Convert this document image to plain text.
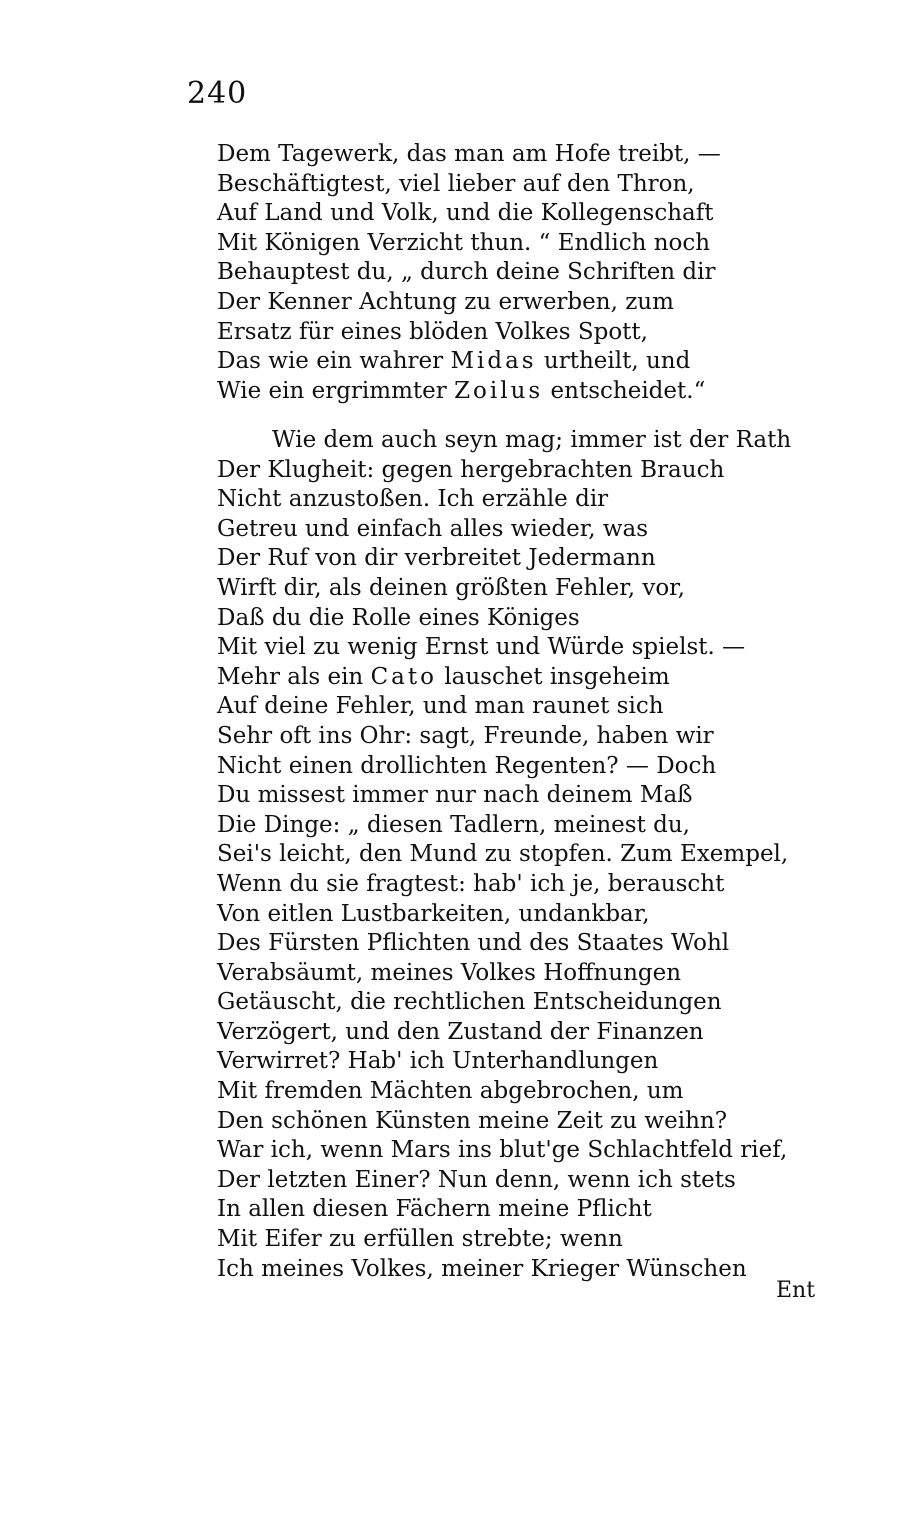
240
Dem Tagewerk, das man am Hofe treibt, —
Beschäftigtest, viel lieber auf den Thron,
Auf Land und Volk, und die Kollegenschaft
Mit Königen Verzicht thun. “ Endlich noch
Behauptest du, „ durch deine Schriften dir
Der Kenner Achtung zu erwerben, zum
Ersatz für eines blöden Volkes Spott,
Das wie ein wahrer Midas urtheilt, und
Wie ein ergrimmter Zoilus entscheidet.“
Wie dem auch seyn mag; immer ist der Rath
Der Klugheit: gegen hergebrachten Brauch
Nicht anzustoßen. Ich erzähle dir
Getreu und einfach alles wieder, was
Der Ruf von dir verbreitet Jedermann
Wirft dir, als deinen größten Fehler, vor,
Daß du die Rolle eines Königes
Mit viel zu wenig Ernst und Würde spielst. —
Mehr als ein Cato lauschet insgeheim
Auf deine Fehler, und man raunet sich
Sehr oft ins Ohr: sagt, Freunde, haben wir
Nicht einen drollichten Regenten? — Doch
Du missest immer nur nach deinem Maß
Die Dinge: „ diesen Tadlern, meinest du,
Sei's leicht, den Mund zu stopfen. Zum Exempel,
Wenn du sie fragtest: hab' ich je, berauscht
Von eitlen Lustbarkeiten, undankbar,
Des Fürsten Pflichten und des Staates Wohl
Verabsäumt, meines Volkes Hoffnungen
Getäuscht, die rechtlichen Entscheidungen
Verzögert, und den Zustand der Finanzen
Verwirret? Hab' ich Unterhandlungen
Mit fremden Mächten abgebrochen, um
Den schönen Künsten meine Zeit zu weihn?
War ich, wenn Mars ins blut'ge Schlachtfeld rief,
Der letzten Einer? Nun denn, wenn ich stets
In allen diesen Fächern meine Pflicht
Mit Eifer zu erfüllen strebte; wenn
Ich meines Volkes, meiner Krieger Wünschen
Ent
